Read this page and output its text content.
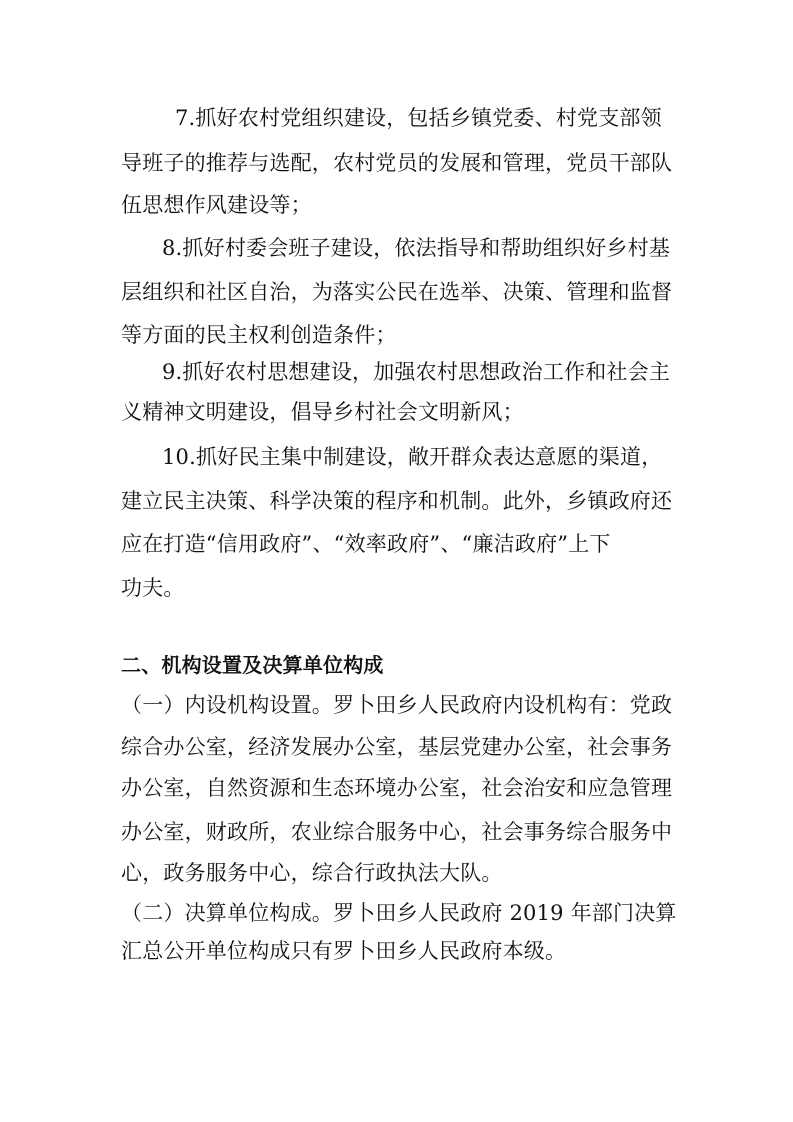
7.抓好农村党组织建设，包括乡镇党委、村党支部领
导班子的推荐与选配，农村党员的发展和管理，党员干部队
伍思想作风建设等；
8.抓好村委会班子建设，依法指导和帮助组织好乡村基
层组织和社区自治，为落实公民在选举、决策、管理和监督
等方面的民主权利创造条件；
9.抓好农村思想建设，加强农村思想政治工作和社会主
义精神文明建设，倡导乡村社会文明新风；
10.抓好民主集中制建设，敞开群众表达意愿的渠道，
建立民主决策、科学决策的程序和机制。此外，乡镇政府还
应在打造“信用政府”、“效率政府”、“廉洁政府”上下
功夫。
二、机构设置及决算单位构成
（一）内设机构设置。罗卜田乡人民政府内设机构有：党政
综合办公室，经济发展办公室，基层党建办公室，社会事务
办公室，自然资源和生态环境办公室，社会治安和应急管理
办公室，财政所，农业综合服务中心，社会事务综合服务中
心，政务服务中心，综合行政执法大队。
（二）决算单位构成。罗卜田乡人民政府 2019 年部门决算
汇总公开单位构成只有罗卜田乡人民政府本级。
